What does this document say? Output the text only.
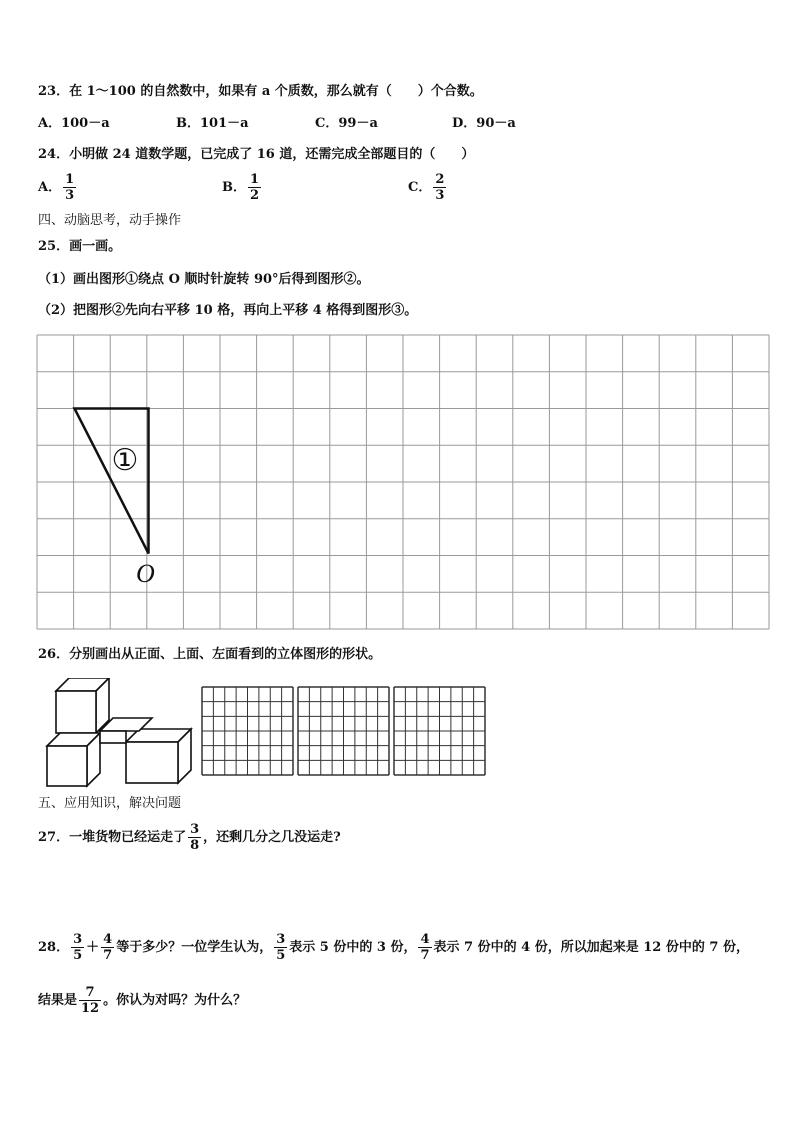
23．在 1～100 的自然数中，如果有 a 个质数，那么就有（　　）个合数。
A．100－a	B．101－a	C．99－a	D．90－a
24．小明做 24 道数学题，已完成了 16 道，还需完成全部题目的（　　）
A． $\frac{1}{3}$	B． $\frac{1}{2}$	C． $\frac{2}{3}$
四、动脑思考，动手操作
25．画一画。
（1）画出图形①绕点 O 顺时针旋转 90°后得到图形②。
（2）把图形②先向右平移 10 格，再向上平移 4 格得到图形③。
①
O
26．分别画出从正面、上面、左面看到的立体图形的形状。
五、应用知识，解决问题
27．一堆货物已经运走了 $\frac{3}{8}$ ，还剩几分之几没运走?
28． $\frac{3}{5} + \frac{4}{7}$ 等于多少？一位学生认为， $\frac{3}{5}$ 表示 5 份中的 3 份， $\frac{4}{7}$ 表示 7 份中的 4 份，所以加起来是 12 份中的 7 份，
结果是 $\frac{7}{12}$ 。你认为对吗？为什么？
